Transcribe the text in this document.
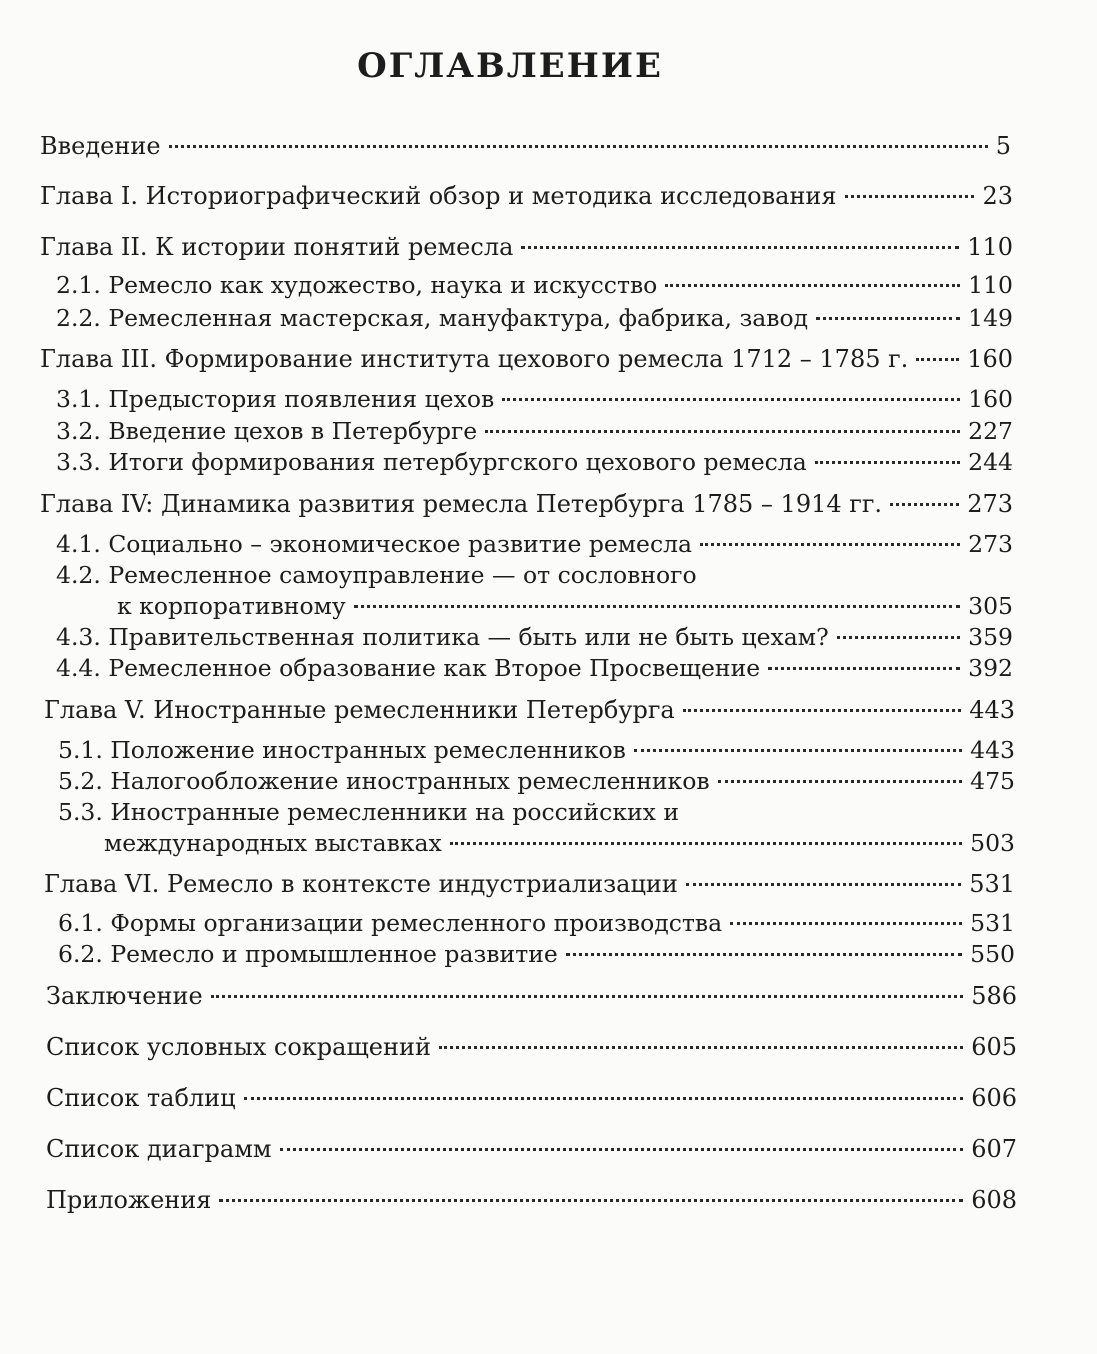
ОГЛАВЛЕНИЕ
Введение	5
Глава I. Историографический обзор и методика исследования	23
Глава II. К истории понятий ремесла	110
2.1. Ремесло как художество, наука и искусство	110
2.2. Ремесленная мастерская, мануфактура, фабрика, завод	149
Глава III. Формирование института цехового ремесла 1712 – 1785 г. 160
3.1. Предыстория появления цехов	160
3.2. Введение цехов в Петербурге	227
3.3. Итоги формирования петербургского цехового ремесла	244
Глава IV: Динамика развития ремесла Петербурга 1785 – 1914 гг.	273
4.1. Социально – экономическое развитие ремесла	273
4.2. Ремесленное самоуправление — от сословного
к корпоративному	305
4.3. Правительственная политика — быть или не быть цехам?	359
4.4. Ремесленное образование как Второе Просвещение	392
Глава V. Иностранные ремесленники Петербурга	443
5.1. Положение иностранных ремесленников	443
5.2. Налогообложение иностранных ремесленников	475
5.3. Иностранные ремесленники на российских и
международных выставках	503
Глава VI. Ремесло в контексте индустриализации	531
6.1. Формы организации ремесленного производства	531
6.2. Ремесло и промышленное развитие	550
Заключение	586
Список условных сокращений	605
Список таблиц	606
Список диаграмм	607
Приложения	608
